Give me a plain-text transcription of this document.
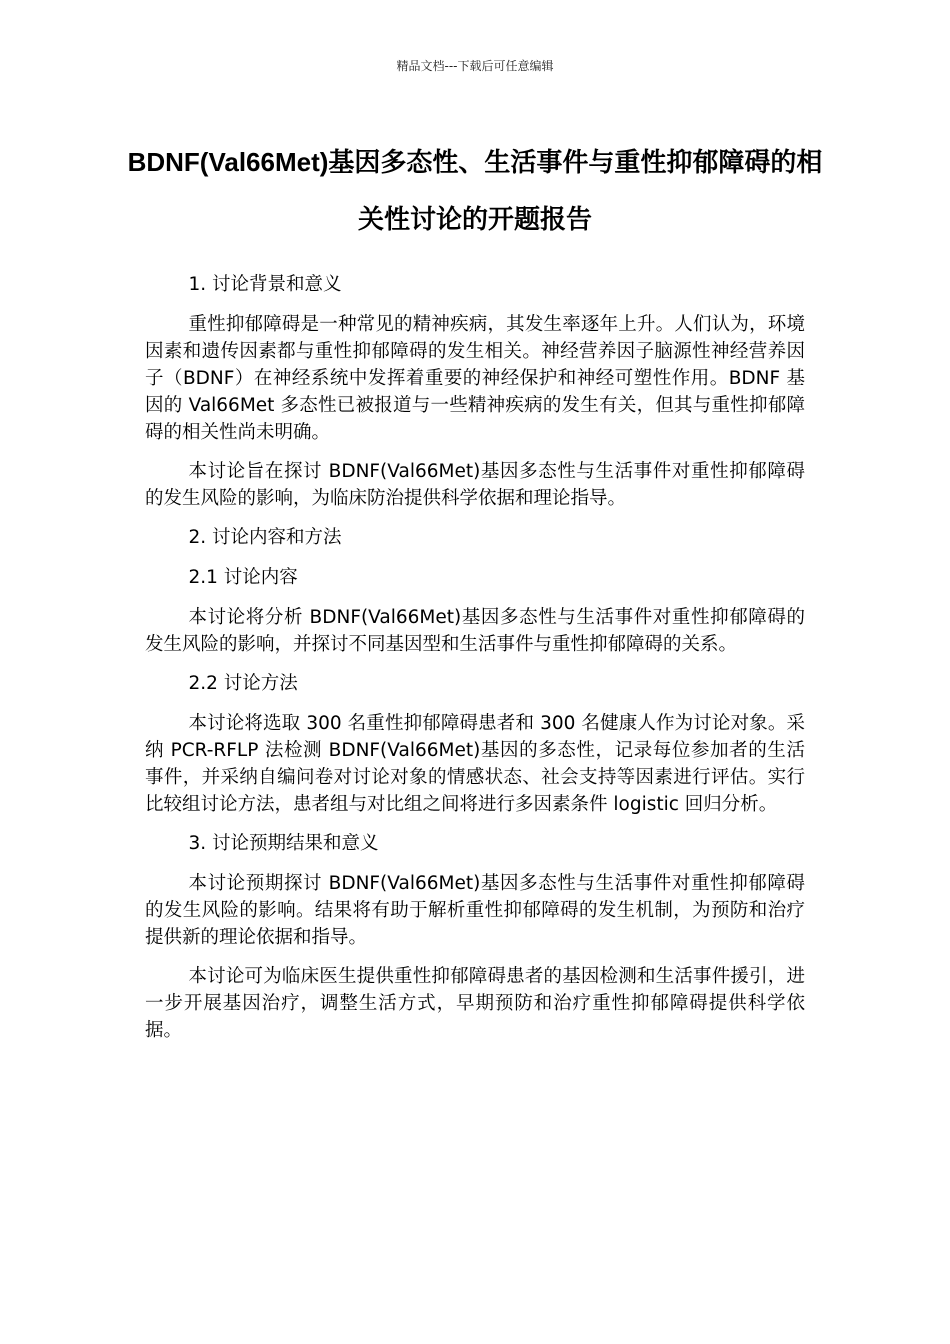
精品文档---下载后可任意编辑
BDNF(Val66Met)基因多态性、生活事件与重性抑郁障碍的相关性讨论的开题报告

1. 讨论背景和意义

重性抑郁障碍是一种常见的精神疾病，其发生率逐年上升。人们认为，环境因素和遗传因素都与重性抑郁障碍的发生相关。神经营养因子脑源性神经营养因子（BDNF）在神经系统中发挥着重要的神经保护和神经可塑性作用。BDNF 基因的 Val66Met 多态性已被报道与一些精神疾病的发生有关，但其与重性抑郁障碍的相关性尚未明确。

本讨论旨在探讨 BDNF(Val66Met)基因多态性与生活事件对重性抑郁障碍的发生风险的影响，为临床防治提供科学依据和理论指导。

2. 讨论内容和方法

2.1 讨论内容

本讨论将分析 BDNF(Val66Met)基因多态性与生活事件对重性抑郁障碍的发生风险的影响，并探讨不同基因型和生活事件与重性抑郁障碍的关系。

2.2 讨论方法

本讨论将选取 300 名重性抑郁障碍患者和 300 名健康人作为讨论对象。采纳 PCR-RFLP 法检测 BDNF(Val66Met)基因的多态性，记录每位参加者的生活事件，并采纳自编问卷对讨论对象的情感状态、社会支持等因素进行评估。实行比较组讨论方法，患者组与对比组之间将进行多因素条件 logistic 回归分析。

3. 讨论预期结果和意义

本讨论预期探讨 BDNF(Val66Met)基因多态性与生活事件对重性抑郁障碍的发生风险的影响。结果将有助于解析重性抑郁障碍的发生机制，为预防和治疗提供新的理论依据和指导。

本讨论可为临床医生提供重性抑郁障碍患者的基因检测和生活事件援引，进一步开展基因治疗，调整生活方式，早期预防和治疗重性抑郁障碍提供科学依据。
